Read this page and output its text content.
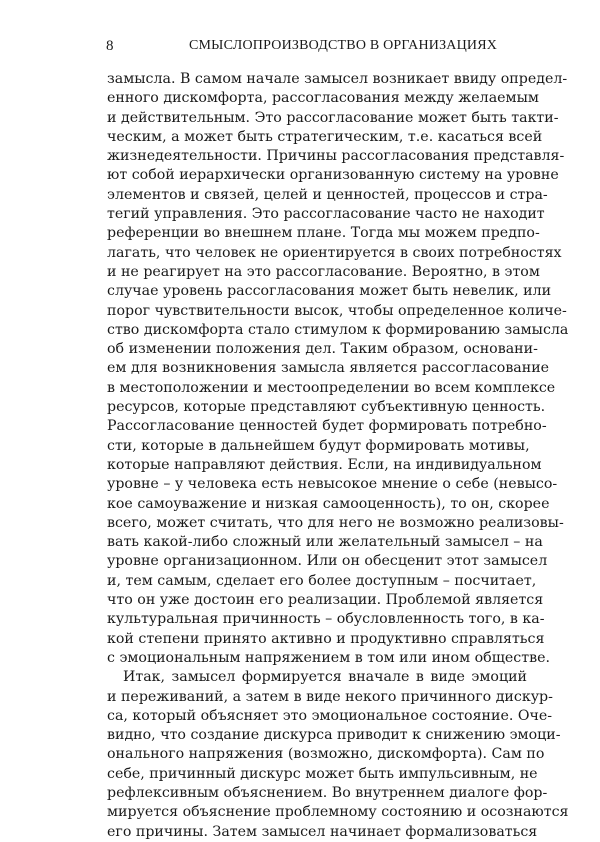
8	СМЫСЛОПРОИЗВОДСТВО В ОРГАНИЗАЦИЯХ
замысла. В самом начале замысел возникает ввиду определ-
енного дискомфорта, рассогласования между желаемым
и действительным. Это рассогласование может быть такти-
ческим, а может быть стратегическим, т.е. касаться всей
жизнедеятельности. Причины рассогласования представля-
ют собой иерархически организованную систему на уровне
элементов и связей, целей и ценностей, процессов и стра-
тегий управления. Это рассогласование часто не находит
референции во внешнем плане. Тогда мы можем предпо-
лагать, что человек не ориентируется в своих потребностях
и не реагирует на это рассогласование. Вероятно, в этом
случае уровень рассогласования может быть невелик, или
порог чувствительности высок, чтобы определенное количе-
ство дискомфорта стало стимулом к формированию замысла
об изменении положения дел. Таким образом, основани-
ем для возникновения замысла является рассогласование
в местоположении и местоопределении во всем комплексе
ресурсов, которые представляют субъективную ценность.
Рассогласование ценностей будет формировать потребно-
сти, которые в дальнейшем будут формировать мотивы,
которые направляют действия. Если, на индивидуальном
уровне – у человека есть невысокое мнение о себе (невысо-
кое самоуважение и низкая самооценность), то он, скорее
всего, может считать, что для него не возможно реализовы-
вать какой-либо сложный или желательный замысел – на
уровне организационном. Или он обесценит этот замысел
и, тем самым, сделает его более доступным – посчитает,
что он уже достоин его реализации. Проблемой является
культуральная причинность – обусловленность того, в ка-
кой степени принято активно и продуктивно справляться
с эмоциональным напряжением в том или ином обществе.
Итак, замысел формируется вначале в виде эмоций
и переживаний, а затем в виде некого причинного дискур-
са, который объясняет это эмоциональное состояние. Оче-
видно, что создание дискурса приводит к снижению эмоци-
онального напряжения (возможно, дискомфорта). Сам по
себе, причинный дискурс может быть импульсивным, не
рефлексивным объяснением. Во внутреннем диалоге фор-
мируется объяснение проблемному состоянию и осознаются
его причины. Затем замысел начинает формализоваться
